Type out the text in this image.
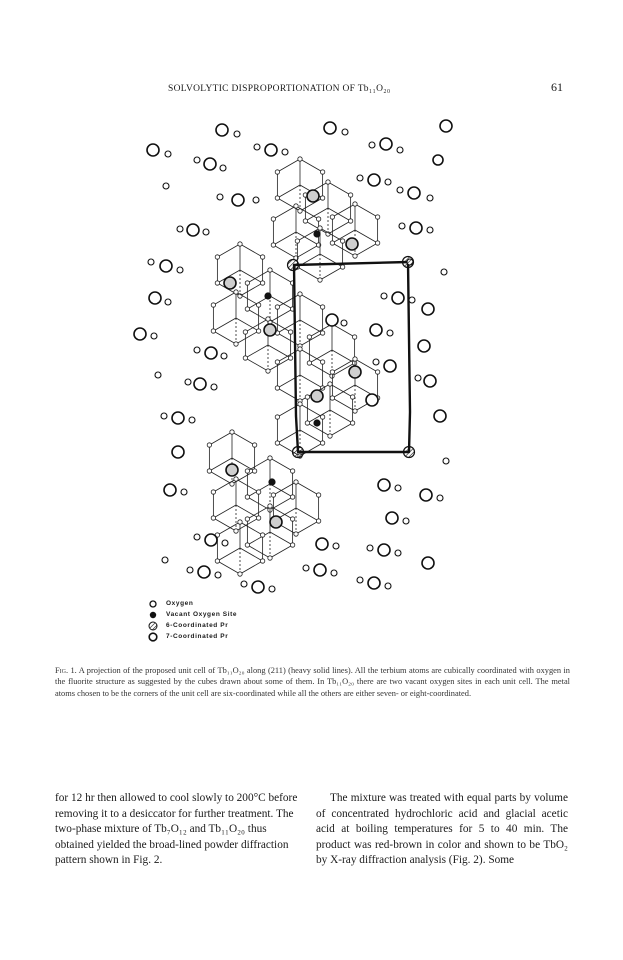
SOLVOLYTIC DISPROPORTIONATION OF Tb₁₁O₂₀	61
Oxygen
Vacant Oxygen Site
6-Coordinated Pr
7-Coordinated Pr
Fig. 1. A projection of the proposed unit cell of Tb₁₁O₂₀ along (211) (heavy solid lines). All the terbium atoms are cubically coordinated with oxygen in the fluorite structure as suggested by the cubes drawn about some of them. In Tb₁₁O₂₀ there are two vacant oxygen sites in each unit cell. The metal atoms chosen to be the corners of the unit cell are six-coordinated while all the others are either seven- or eight-coordinated.
for 12 hr then allowed to cool slowly to 200°C before removing it to a desiccator for further treatment. The two-phase mixture of Tb₇O₁₂ and Tb₁₁O₂₀ thus obtained yielded the broad-lined powder diffraction pattern shown in Fig. 2.
The mixture was treated with equal parts by volume of concentrated hydrochloric acid and glacial acetic acid at boiling temperatures for 5 to 40 min. The product was red-brown in color and shown to be TbO₂ by X-ray diffraction analysis (Fig. 2). Some
